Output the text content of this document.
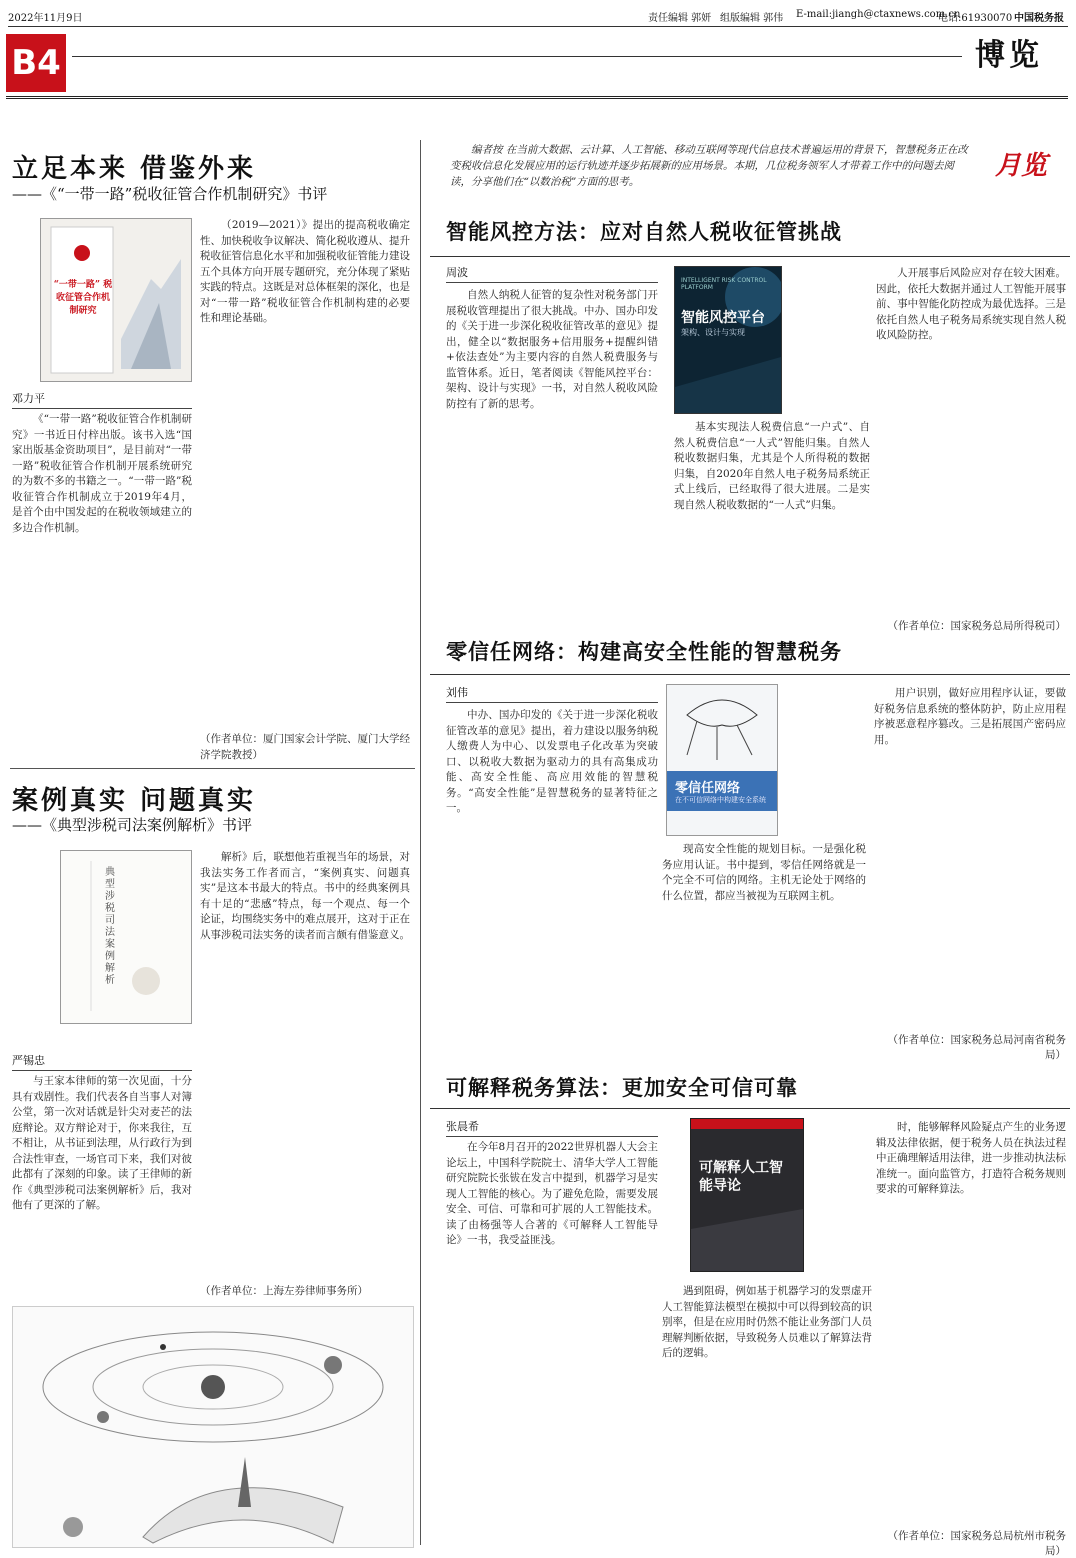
2022年11月9日	责任编辑 郭妍 组版编辑 郭伟 E-mail:jiangh@ctaxnews.com.cn
电话:61930070 中国税务报
B4	博览
立足本来 借鉴外来
——《“一带一路”税收征管合作机制研究》书评
“一带一路” 税收征管合作机制研究
（2019—2021）》提出的提高税收确定性、加快税收争议解决、简化税收遵从、提升税收征管信息化水平和加强税收征管能力建设五个具体方向开展专题研究，充分体现了紧贴实践的特点。这既是对总体框架的深化，也是对“一带一路”税收征管合作机制构建的必要性和理论基础。
邓力平
《“一带一路”税收征管合作机制研究》一书近日付梓出版。该书入选“国家出版基金资助项目”，是目前对“一带一路”税收征管合作机制开展系统研究的为数不多的书籍之一。“一带一路”税收征管合作机制成立于2019年4月，是首个由中国发起的在税收领域建立的多边合作机制。
（作者单位：厦门国家会计学院、厦门大学经济学院教授）
案例真实 问题真实
——《典型涉税司法案例解析》书评
典型涉税司法案例解析
解析》后，联想他若重视当年的场景，对我法实务工作者而言，“案例真实、问题真实”是这本书最大的特点。书中的经典案例具有十足的“悲感”特点，每一个观点、每一个论证，均围绕实务中的难点展开，这对于正在从事涉税司法实务的读者而言颇有借鉴意义。
严锡忠
与王家本律师的第一次见面，十分具有戏剧性。我们代表各自当事人对簿公堂，第一次对话就是针尖对麦芒的法庭辩论。双方辩论对于，你来我往，互不相让，从书证到法理，从行政行为到合法性审查，一场官司下来，我们对彼此都有了深刻的印象。读了王律师的新作《典型涉税司法案例解析》后，我对他有了更深的了解。
（作者单位：上海左券律师事务所）
编者按 在当前大数据、云计算、人工智能、移动互联网等现代信息技术普遍运用的背景下，智慧税务正在改变税收信息化发展应用的运行轨迹并逐步拓展新的应用场景。本期，几位税务领军人才带着工作中的问题去阅读，分享他们在“以数治税”方面的思考。
月览
智能风控方法：应对自然人税收征管挑战
周波
自然人纳税人征管的复杂性对税务部门开展税收管理提出了很大挑战。中办、国办印发的《关于进一步深化税收征管改革的意见》提出，健全以“数据服务+信用服务+提醒纠错+依法查处”为主要内容的自然人税费服务与监管体系。近日，笔者阅读《智能风控平台：架构、设计与实现》一书，对自然人税收风险防控有了新的思考。
INTELLIGENT RISK CONTROL PLATFORM
智能风控平台
架构、设计与实现
基本实现法人税费信息“一户式”、自然人税费信息“一人式”智能归集。自然人税收数据归集，尤其是个人所得税的数据归集，自2020年自然人电子税务局系统正式上线后，已经取得了很大进展。二是实现自然人税收数据的“一人式”归集。
人开展事后风险应对存在较大困难。因此，依托大数据并通过人工智能开展事前、事中智能化防控成为最优选择。三是依托自然人电子税务局系统实现自然人税收风险防控。
（作者单位：国家税务总局所得税司）
零信任网络：构建高安全性能的智慧税务
刘伟
中办、国办印发的《关于进一步深化税收征管改革的意见》提出，着力建设以服务纳税人缴费人为中心、以发票电子化改革为突破口、以税收大数据为驱动力的具有高集成功能、高安全性能、高应用效能的智慧税务。“高安全性能”是智慧税务的显著特征之一。
零信任网络
在不可信网络中构建安全系统
现高安全性能的规划目标。一是强化税务应用认证。书中提到，零信任网络就是一个完全不可信的网络。主机无论处于网络的什么位置，都应当被视为互联网主机。
用户识别，做好应用程序认证，要做好税务信息系统的整体防护，防止应用程序被恶意程序篡改。三是拓展国产密码应用。
（作者单位：国家税务总局河南省税务局）
可解释税务算法：更加安全可信可靠
张晨希
在今年8月召开的2022世界机器人大会主论坛上，中国科学院院士、清华大学人工智能研究院院长张钹在发言中提到，机器学习是实现人工智能的核心。为了避免危险，需要发展安全、可信、可靠和可扩展的人工智能技术。读了由杨强等人合著的《可解释人工智能导论》一书，我受益匪浅。
可解释人工智能导论
遇到阻碍，例如基于机器学习的发票虚开人工智能算法模型在模拟中可以得到较高的识别率，但是在应用时仍然不能让业务部门人员理解判断依据，导致税务人员难以了解算法背后的逻辑。
时，能够解释风险疑点产生的业务逻辑及法律依据，便于税务人员在执法过程中正确理解适用法律，进一步推动执法标准统一。面向监管方，打造符合税务规则要求的可解释算法。
（作者单位：国家税务总局杭州市税务局）
